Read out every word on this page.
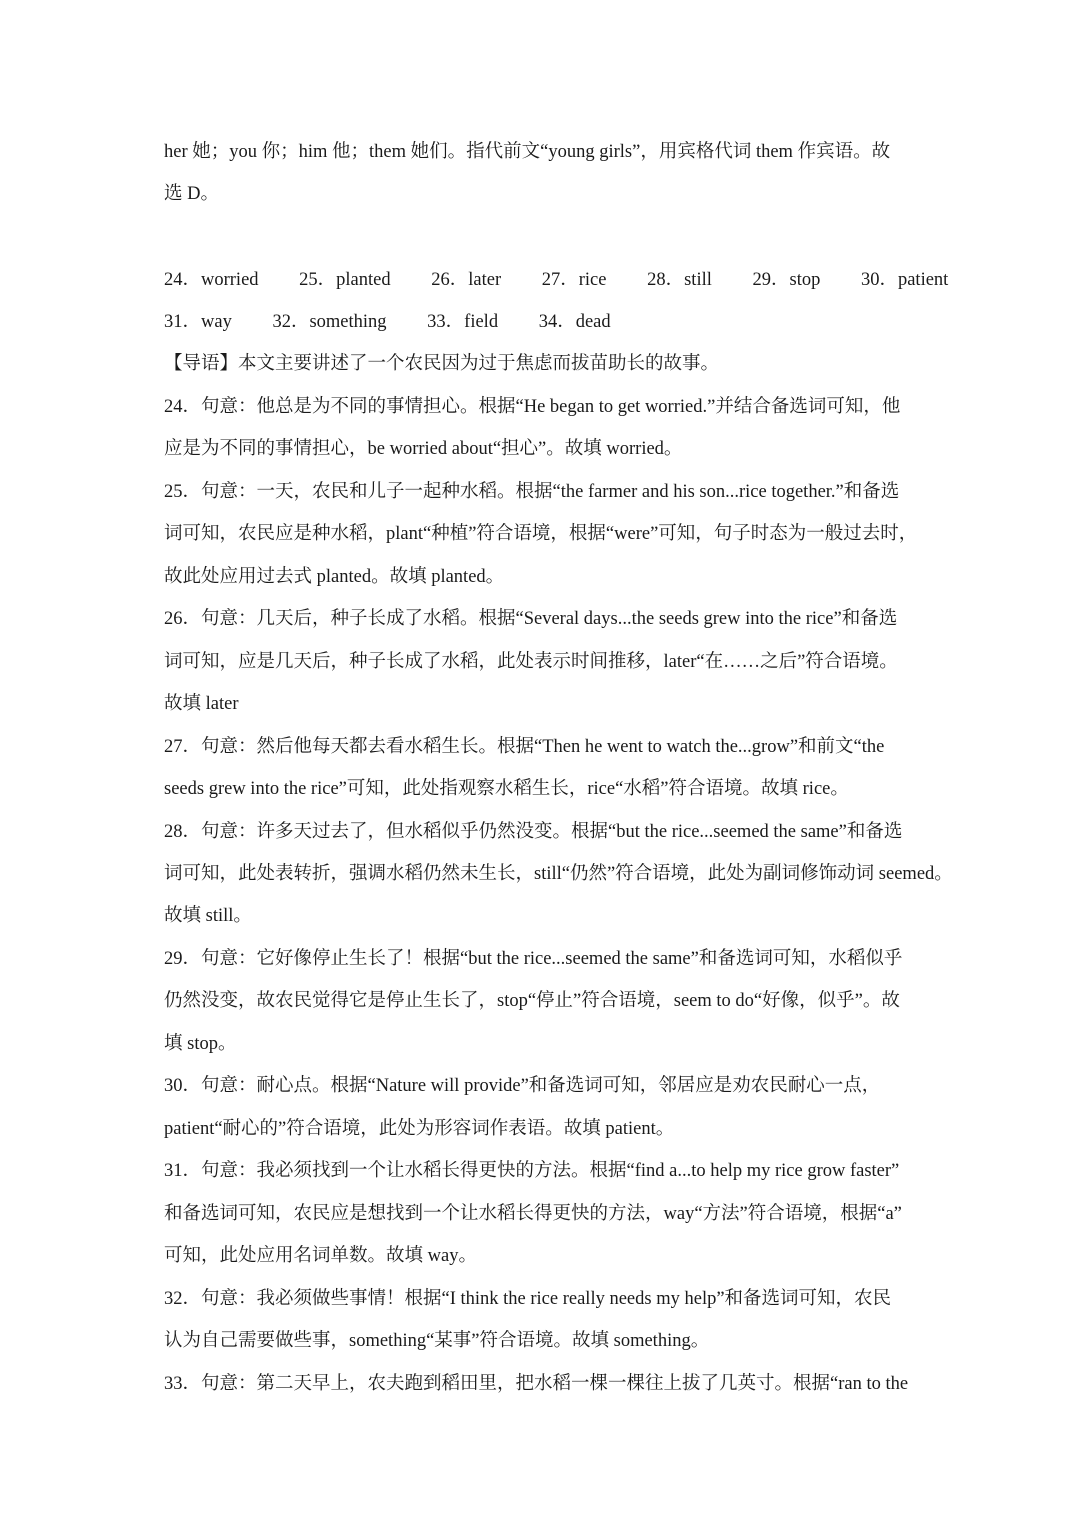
her 她；you 你；him 他；them 她们。指代前文“young girls”，用宾格代词 them 作宾语。故
选 D。
24．worried 25．planted 26．later 27．rice 28．still 29．stop 30．patient
31．way 32．something 33．field 34．dead
【导语】本文主要讲述了一个农民因为过于焦虑而拔苗助长的故事。
24．句意：他总是为不同的事情担心。根据“He began to get worried.”并结合备选词可知，他
应是为不同的事情担心，be worried about“担心”。故填 worried。
25．句意：一天，农民和儿子一起种水稻。根据“the farmer and his son...rice together.”和备选
词可知，农民应是种水稻，plant“种植”符合语境，根据“were”可知，句子时态为一般过去时，
故此处应用过去式 planted。故填 planted。
26．句意：几天后，种子长成了水稻。根据“Several days...the seeds grew into the rice”和备选
词可知，应是几天后，种子长成了水稻，此处表示时间推移，later“在……之后”符合语境。
故填 later
27．句意：然后他每天都去看水稻生长。根据“Then he went to watch the...grow”和前文“the
seeds grew into the rice”可知，此处指观察水稻生长，rice“水稻”符合语境。故填 rice。
28．句意：许多天过去了，但水稻似乎仍然没变。根据“but the rice...seemed the same”和备选
词可知，此处表转折，强调水稻仍然未生长，still“仍然”符合语境，此处为副词修饰动词 seemed。
故填 still。
29．句意：它好像停止生长了！根据“but the rice...seemed the same”和备选词可知，水稻似乎
仍然没变，故农民觉得它是停止生长了，stop“停止”符合语境，seem to do“好像，似乎”。故
填 stop。
30．句意：耐心点。根据“Nature will provide”和备选词可知，邻居应是劝农民耐心一点，
patient“耐心的”符合语境，此处为形容词作表语。故填 patient。
31．句意：我必须找到一个让水稻长得更快的方法。根据“find a...to help my rice grow faster”
和备选词可知，农民应是想找到一个让水稻长得更快的方法，way“方法”符合语境，根据“a”
可知，此处应用名词单数。故填 way。
32．句意：我必须做些事情！根据“I think the rice really needs my help”和备选词可知，农民
认为自己需要做些事，something“某事”符合语境。故填 something。
33．句意：第二天早上，农夫跑到稻田里，把水稻一棵一棵往上拔了几英寸。根据“ran to the
